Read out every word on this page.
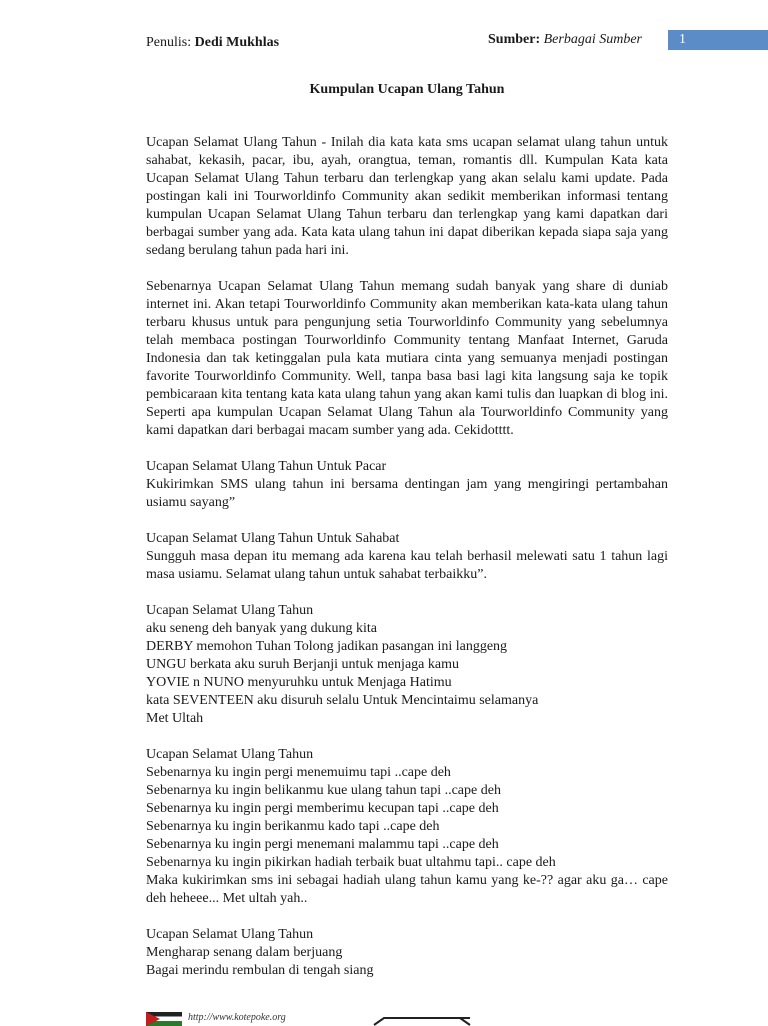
Penulis: Dedi Mukhlas	Sumber: Berbagai Sumber	1
Kumpulan Ucapan Ulang Tahun

Ucapan Selamat Ulang Tahun - Inilah dia kata kata sms ucapan selamat ulang tahun untuk sahabat, kekasih, pacar, ibu, ayah, orangtua, teman, romantis dll. Kumpulan Kata kata Ucapan Selamat Ulang Tahun terbaru dan terlengkap yang akan selalu kami update. Pada postingan kali ini Tourworldinfo Community akan sedikit memberikan informasi tentang kumpulan Ucapan Selamat Ulang Tahun terbaru dan terlengkap yang kami dapatkan dari berbagai sumber yang ada. Kata kata ulang tahun ini dapat diberikan kepada siapa saja yang sedang berulang tahun pada hari ini.

Sebenarnya Ucapan Selamat Ulang Tahun memang sudah banyak yang share di duniab internet ini. Akan tetapi Tourworldinfo Community akan memberikan kata-kata ulang tahun terbaru khusus untuk para pengunjung setia Tourworldinfo Community yang sebelumnya telah membaca postingan Tourworldinfo Community tentang Manfaat Internet, Garuda Indonesia dan tak ketinggalan pula kata mutiara cinta yang semuanya menjadi postingan favorite Tourworldinfo Community. Well, tanpa basa basi lagi kita langsung saja ke topik pembicaraan kita tentang kata kata ulang tahun yang akan kami tulis dan luapkan di blog ini. Seperti apa kumpulan Ucapan Selamat Ulang Tahun ala Tourworldinfo Community yang kami dapatkan dari berbagai macam sumber yang ada. Cekidotttt.

Ucapan Selamat Ulang Tahun Untuk Pacar

Kukirimkan SMS ulang tahun ini bersama dentingan jam yang mengiringi pertambahan usiamu sayang”

Ucapan Selamat Ulang Tahun Untuk Sahabat

Sungguh masa depan itu memang ada karena kau telah berhasil melewati satu 1 tahun lagi masa usiamu. Selamat ulang tahun untuk sahabat terbaikku”.

Ucapan Selamat Ulang Tahun
aku seneng deh banyak yang dukung kita
DERBY memohon Tuhan Tolong jadikan pasangan ini langgeng
UNGU berkata aku suruh Berjanji untuk menjaga kamu
YOVIE n NUNO menyuruhku untuk Menjaga Hatimu
kata SEVENTEEN aku disuruh selalu Untuk Mencintaimu selamanya
Met Ultah
Ucapan Selamat Ulang Tahun
Sebenarnya ku ingin pergi menemuimu tapi ..cape deh
Sebenarnya ku ingin belikanmu kue ulang tahun tapi ..cape deh
Sebenarnya ku ingin pergi memberimu kecupan tapi ..cape deh
Sebenarnya ku ingin berikanmu kado tapi ..cape deh
Sebenarnya ku ingin pergi menemani malammu tapi ..cape deh
Sebenarnya ku ingin pikirkan hadiah terbaik buat ultahmu tapi.. cape deh

Maka kukirimkan sms ini sebagai hadiah ulang tahun kamu yang ke-?? agar aku ga… cape deh heheee... Met ultah yah..

Ucapan Selamat Ulang Tahun
Mengharap senang dalam berjuang
Bagai merindu rembulan di tengah siang
http://www.kotepoke.org
